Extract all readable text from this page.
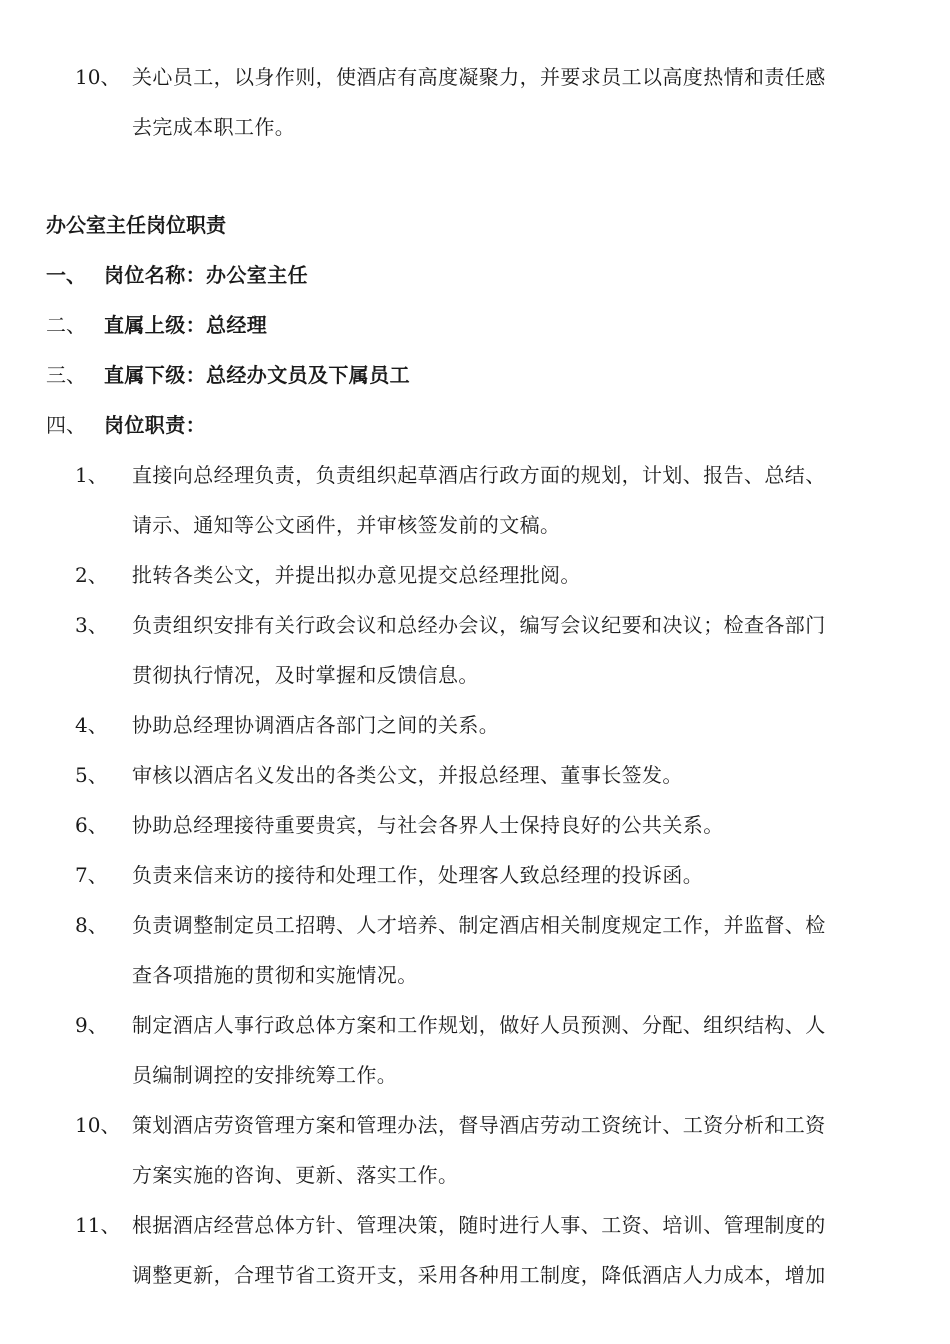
10、 关心员工，以身作则，使酒店有高度凝聚力，并要求员工以高度热情和责任感
去完成本职工作。
办公室主任岗位职责
一、 岗位名称：办公室主任
二、 直属上级：总经理
三、 直属下级：总经办文员及下属员工
四、 岗位职责：
1、 直接向总经理负责，负责组织起草酒店行政方面的规划，计划、报告、总结、
请示、通知等公文函件，并审核签发前的文稿。
2、 批转各类公文，并提出拟办意见提交总经理批阅。
3、 负责组织安排有关行政会议和总经办会议，编写会议纪要和决议；检查各部门
贯彻执行情况，及时掌握和反馈信息。
4、 协助总经理协调酒店各部门之间的关系。
5、 审核以酒店名义发出的各类公文，并报总经理、董事长签发。
6、 协助总经理接待重要贵宾，与社会各界人士保持良好的公共关系。
7、 负责来信来访的接待和处理工作，处理客人致总经理的投诉函。
8、 负责调整制定员工招聘、人才培养、制定酒店相关制度规定工作，并监督、检
查各项措施的贯彻和实施情况。
9、 制定酒店人事行政总体方案和工作规划，做好人员预测、分配、组织结构、人
员编制调控的安排统筹工作。
10、 策划酒店劳资管理方案和管理办法，督导酒店劳动工资统计、工资分析和工资
方案实施的咨询、更新、落实工作。
11、 根据酒店经营总体方针、管理决策，随时进行人事、工资、培训、管理制度的
调整更新，合理节省工资开支，采用各种用工制度，降低酒店人力成本，增加
